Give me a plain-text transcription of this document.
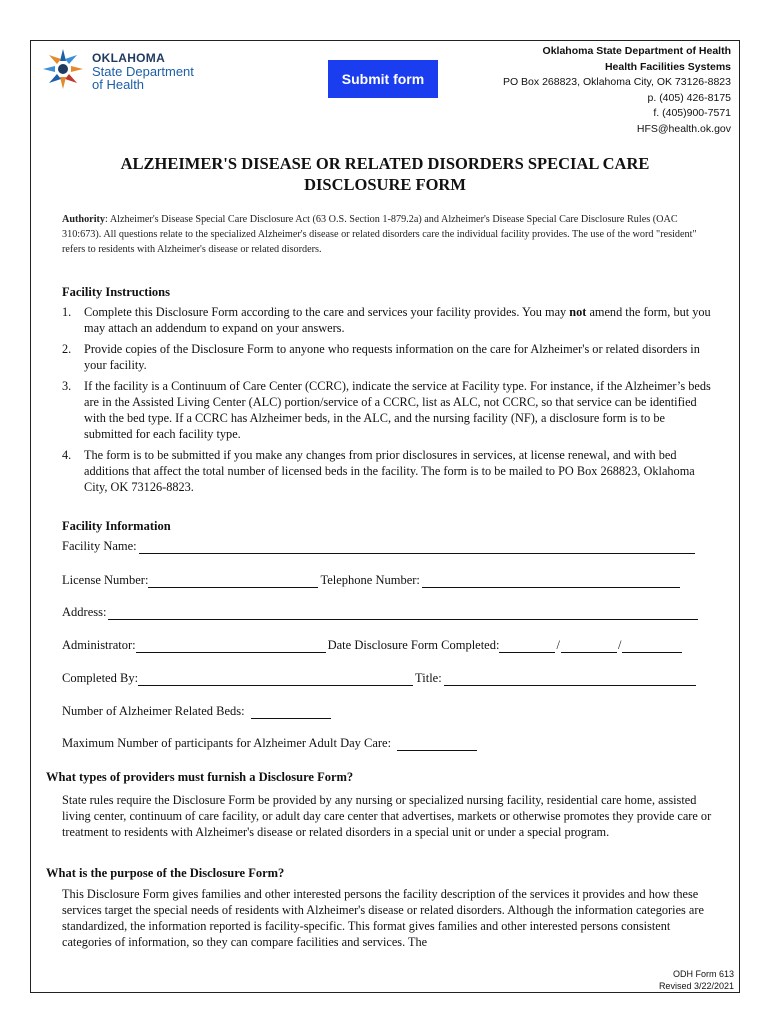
OKLAHOMA
State Department
of Health	Submit form
Oklahoma State Department of Health
Health Facilities Systems
PO Box 268823, Oklahoma City, OK 73126-8823
p. (405) 426-8175
f. (405)900-7571
HFS@health.ok.gov
ALZHEIMER'S DISEASE OR RELATED DISORDERS SPECIAL CARE
DISCLOSURE FORM
Authority: Alzheimer's Disease Special Care Disclosure Act (63 O.S. Section 1-879.2a) and Alzheimer's Disease Special Care Disclosure Rules (OAC 310:673). All questions relate to the specialized Alzheimer's disease or related disorders care the individual facility provides. The use of the word "resident" refers to residents with Alzheimer's disease or related disorders.
Facility Instructions
1.	Complete this Disclosure Form according to the care and services your facility provides. You may not amend the form, but you may attach an addendum to expand on your answers.
2.	Provide copies of the Disclosure Form to anyone who requests information on the care for Alzheimer's or related disorders in your facility.
3.	If the facility is a Continuum of Care Center (CCRC), indicate the service at Facility type. For instance, if the Alzheimer’s beds are in the Assisted Living Center (ALC) portion/service of a CCRC, list as ALC, not CCRC, so that service can be identified with the bed type. If a CCRC has Alzheimer beds, in the ALC, and the nursing facility (NF), a disclosure form is to be submitted for each facility type.
4.	The form is to be submitted if you make any changes from prior disclosures in services, at license renewal, and with bed additions that affect the total number of licensed beds in the facility. The form is to be mailed to PO Box 268823, Oklahoma City, OK 73126-8823.
Facility Information
Facility Name:
License Number:	Telephone Number:
Address:
Administrator:	Date Disclosure Form Completed:	/	/
Completed By:	Title:
Number of Alzheimer Related Beds:
Maximum Number of participants for Alzheimer Adult Day Care:
What types of providers must furnish a Disclosure Form?
State rules require the Disclosure Form be provided by any nursing or specialized nursing facility, residential care home, assisted living center, continuum of care facility, or adult day care center that advertises, markets or otherwise promotes they provide care or treatment to residents with Alzheimer's disease or related disorders in a special unit or under a special program.
What is the purpose of the Disclosure Form?
This Disclosure Form gives families and other interested persons the facility description of the services it provides and how these services target the special needs of residents with Alzheimer's disease or related disorders. Although the information categories are standardized, the information reported is facility-specific. This format gives families and other interested persons consistent categories of information, so they can compare facilities and services. The
ODH Form 613
Revised 3/22/2021
